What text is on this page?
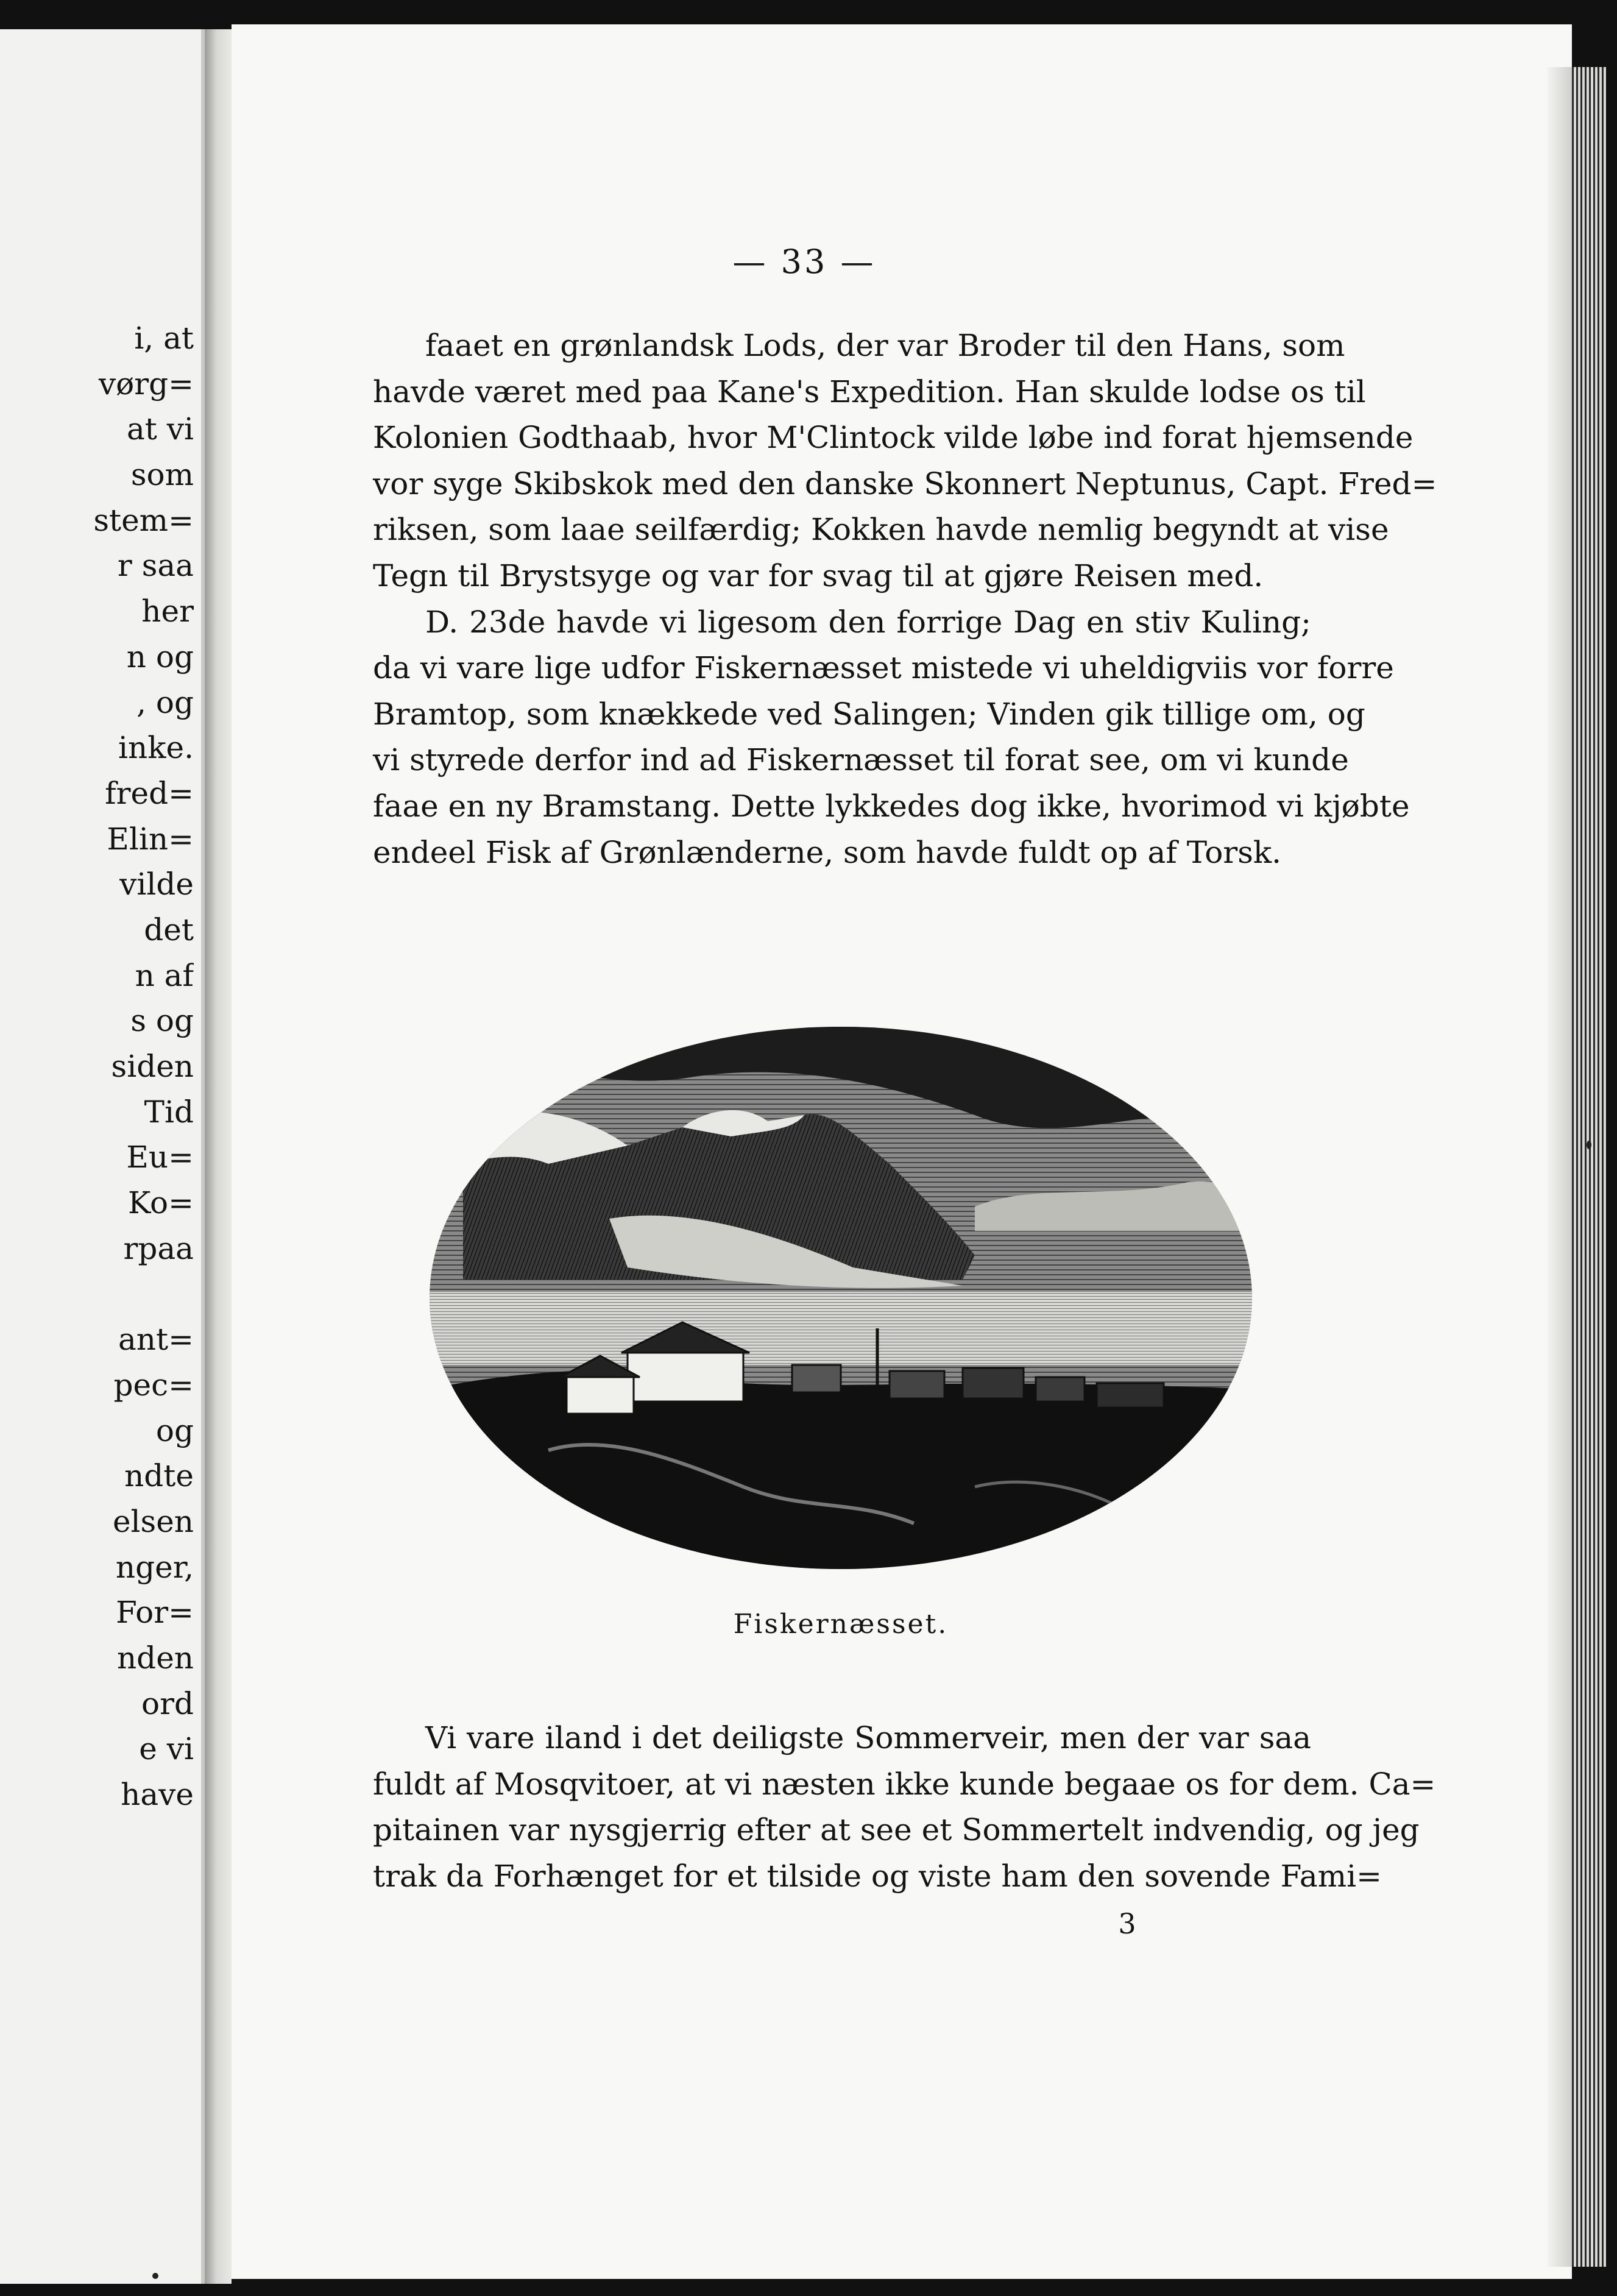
i, at
vørg=
at vi
som
stem=
r saa
her
n og
, og
inke.
fred=
Elin=
vilde
det
n af
s og
siden
Tid
Eu=
Ko=
rpaa
ant=
pec=
og
ndte
elsen
nger,
For=
nden
ord
e vi
have
— 33 —
faaet en grønlandsk Lods, der var Broder til den Hans, som
havde været med paa Kane's Expedition. Han skulde lodse os til
Kolonien Godthaab, hvor M'Clintock vilde løbe ind forat hjemsende
vor syge Skibskok med den danske Skonnert Neptunus, Capt. Fred=
riksen, som laae seilfærdig; Kokken havde nemlig begyndt at vise
Tegn til Brystsyge og var for svag til at gjøre Reisen med.
D. 23de havde vi ligesom den forrige Dag en stiv Kuling;
da vi vare lige udfor Fiskernæsset mistede vi uheldigviis vor forre
Bramtop, som knækkede ved Salingen; Vinden gik tillige om, og
vi styrede derfor ind ad Fiskernæsset til forat see, om vi kunde
faae en ny Bramstang. Dette lykkedes dog ikke, hvorimod vi kjøbte
endeel Fisk af Grønlænderne, som havde fuldt op af Torsk.
Fiskernæsset.
Vi vare iland i det deiligste Sommerveir, men der var saa
fuldt af Mosqvitoer, at vi næsten ikke kunde begaae os for dem. Ca=
pitainen var nysgjerrig efter at see et Sommertelt indvendig, og jeg
trak da Forhænget for et tilside og viste ham den sovende Fami=
3
